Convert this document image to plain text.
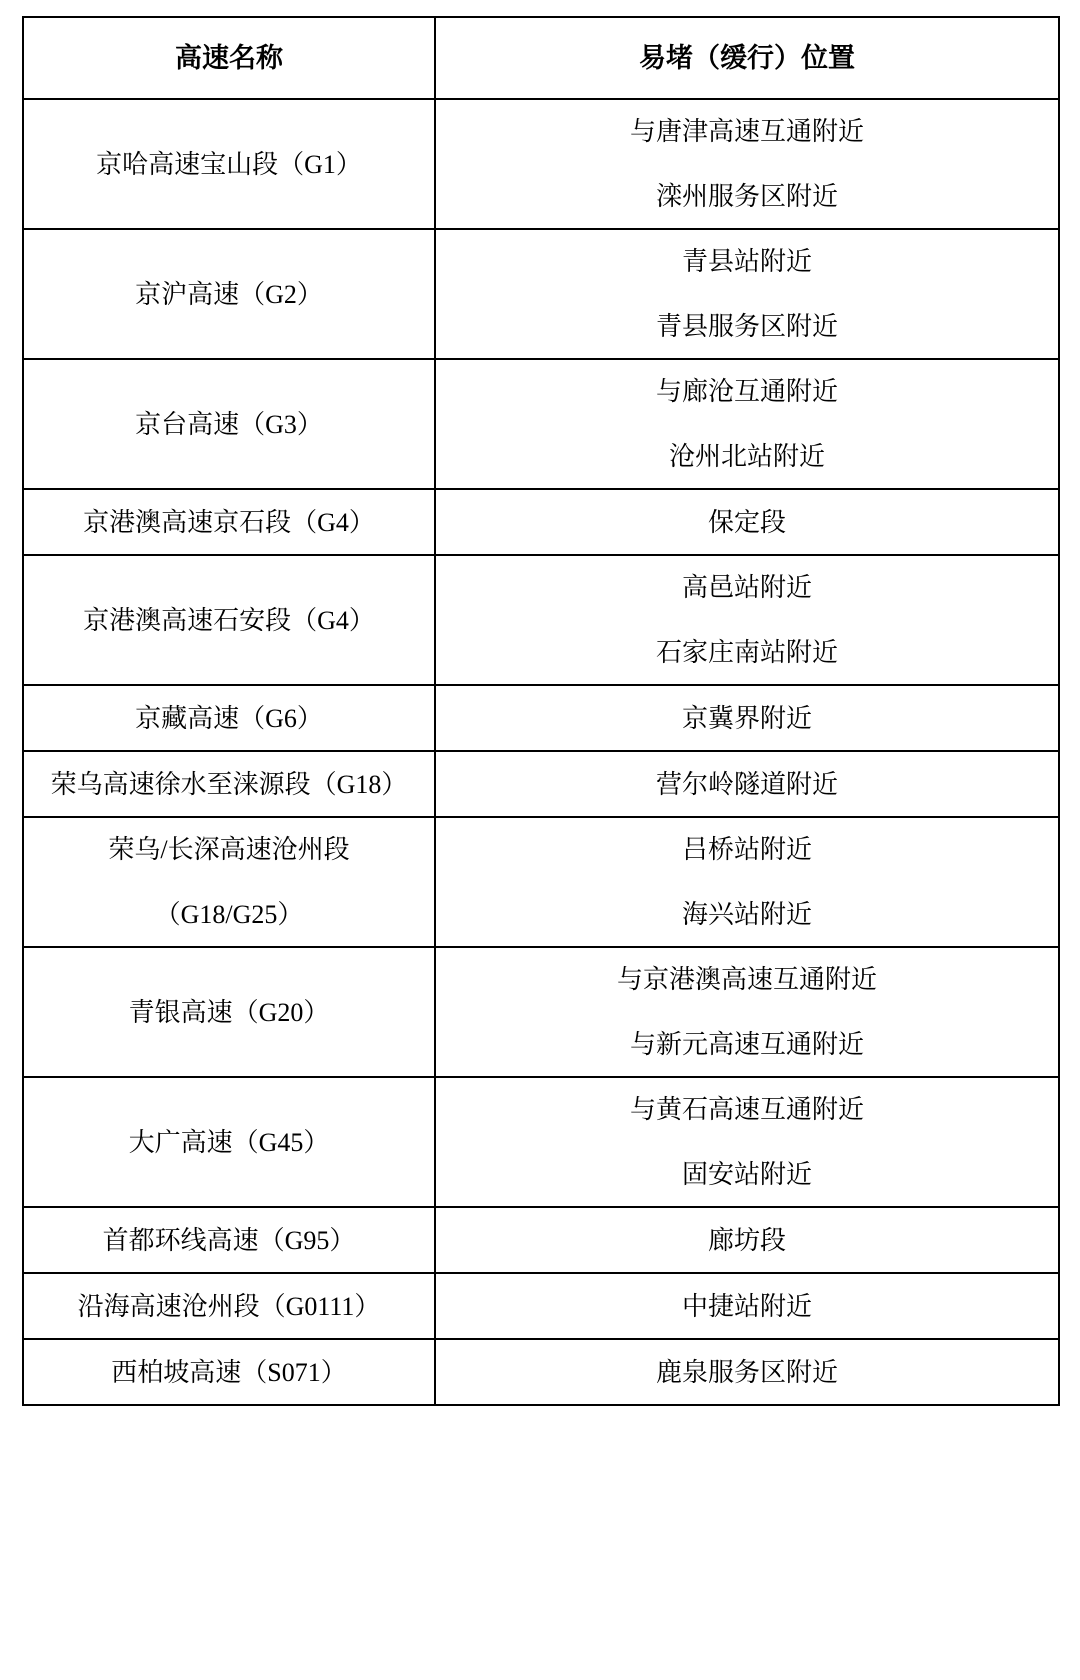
高速名称	易堵（缓行）位置

京哈高速宝山段（G1）	与唐津高速互通附近
滦州服务区附近

京沪高速（G2）	青县站附近
青县服务区附近

京台高速（G3）	与廊沧互通附近
沧州北站附近

京港澳高速京石段（G4）	保定段

京港澳高速石安段（G4）	高邑站附近
石家庄南站附近

京藏高速（G6）	京冀界附近

荣乌高速徐水至涞源段（G18）	营尔岭隧道附近

荣乌/长深高速沧州段
（G18/G25）	吕桥站附近
海兴站附近

青银高速（G20）	与京港澳高速互通附近
与新元高速互通附近

大广高速（G45）	与黄石高速互通附近
固安站附近

首都环线高速（G95）	廊坊段

沿海高速沧州段（G0111）	中捷站附近

西柏坡高速（S071）	鹿泉服务区附近
